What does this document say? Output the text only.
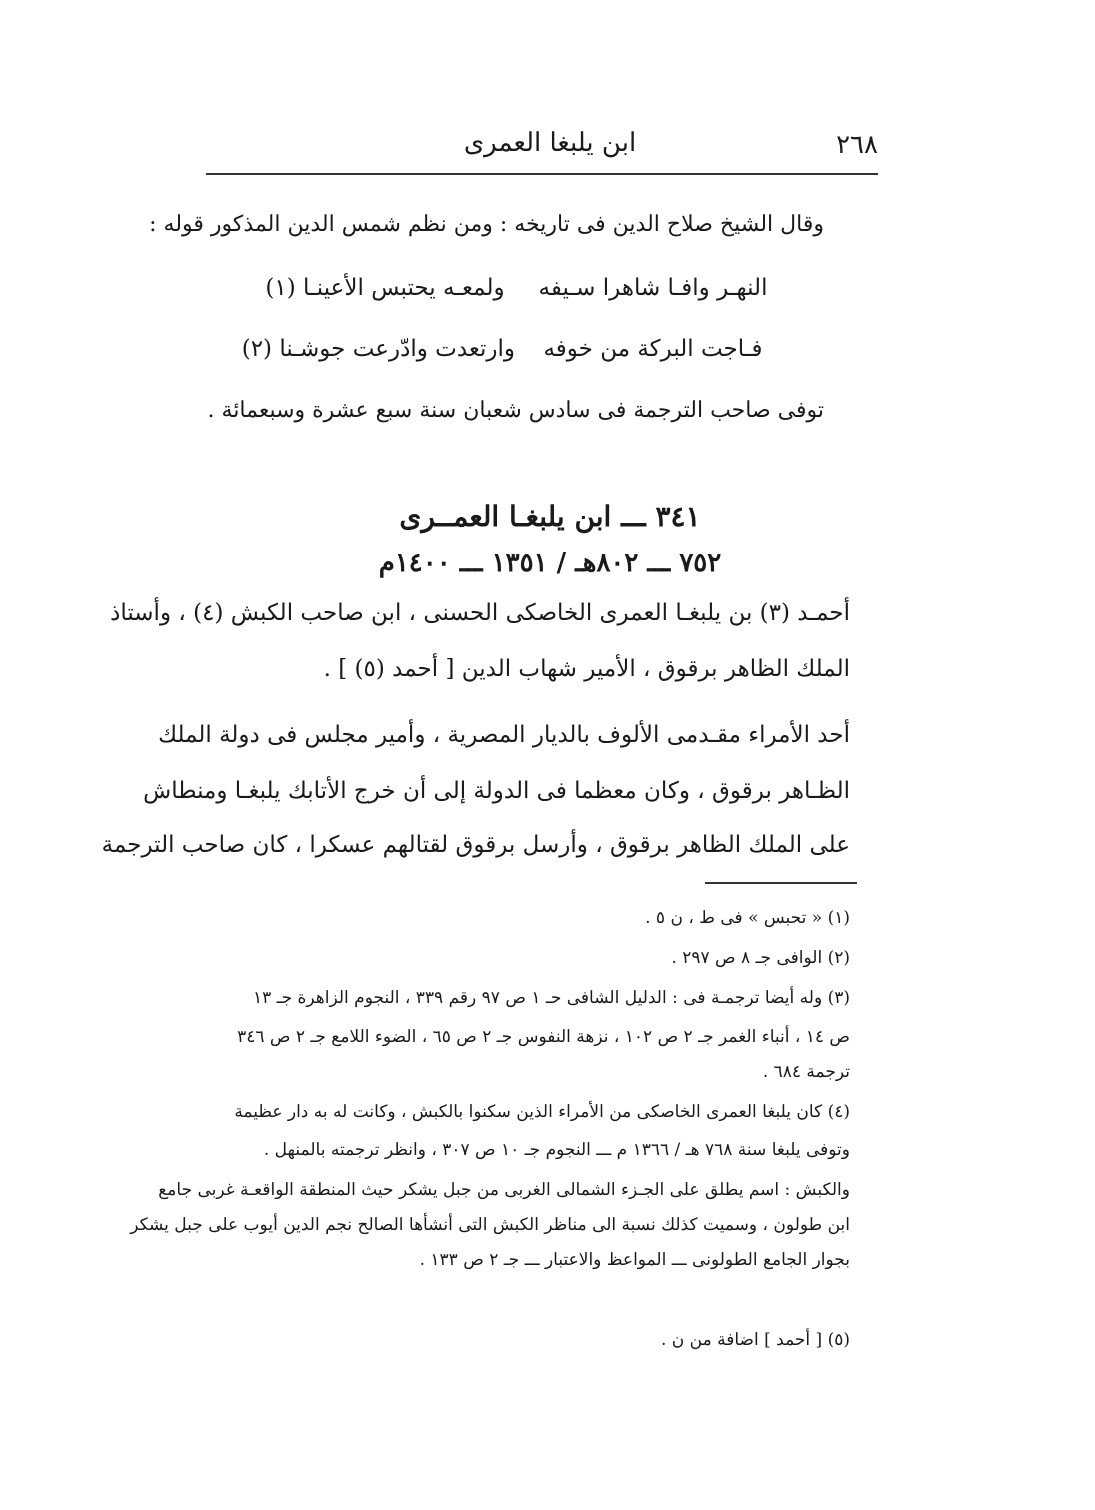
٢٦٨
ابن يلبغا العمرى
وقال الشيخ صلاح الدين فى تاريخه : ومن نظم شمس الدين المذكور قوله :
النهـر وافـا شاهرا سـيفه
ولمعـه يحتبس الأعينـا (١)
فـاجت البركة من خوفه
وارتعدت وادّرعت جوشـنا (٢)
توفى صاحب الترجمة فى سادس شعبان سنة سبع عشرة وسبعمائة .
٣٤١ ـــ ابن يلبغـا العمــرى
٧٥٢ ـــ ٨٠٢هـ / ١٣٥١ ـــ ١٤٠٠م
أحمـد (٣) بن يلبغـا العمرى الخاصكى الحسنى ، ابن صاحب الكبش (٤) ، وأستاذ
الملك الظاهر برقوق ، الأمير شهاب الدين [ أحمد (٥) ] .
أحد الأمراء مقـدمى الألوف بالديار المصرية ، وأمير مجلس فى دولة الملك
الظـاهر برقوق ، وكان معظما فى الدولة إلى أن خرج الأتابك يلبغـا ومنطاش
على الملك الظاهر برقوق ، وأرسل برقوق لقتالهم عسكرا ، كان صاحب الترجمة
(١) « تحبس » فى ط ، ن ٥ .
(٢) الوافى جـ ٨ ص ٢٩٧ .
(٣) وله أيضا ترجمـة فى : الدليل الشافى حـ ١ ص ٩٧ رقم ٣٣٩ ، النجوم الزاهرة جـ ١٣
ص ١٤ ، أنباء الغمر جـ ٢ ص ١٠٢ ، نزهة النفوس جـ ٢ ص ٦٥ ، الضوء اللامع جـ ٢ ص ٣٤٦
ترجمة ٦٨٤ .
(٤) كان يلبغا العمرى الخاصكى من الأمراء الذين سكنوا بالكبش ، وكانت له به دار عظيمة
وتوفى يلبغا سنة ٧٦٨ هـ / ١٣٦٦ م ـــ النجوم جـ ١٠ ص ٣٠٧ ، وانظر ترجمته بالمنهل .
والكبش : اسم يطلق على الجـزء الشمالى الغربى من جبل يشكر حيث المنطقة الواقعـة غربى جامع
ابن طولون ، وسميت كذلك نسبة الى مناظر الكبش التى أنشأها الصالح نجم الدين أيوب على جبل يشكر
بجوار الجامع الطولونى ـــ المواعظ والاعتبار ـــ جـ ٢ ص ١٣٣ .
(٥) [ أحمد ] اضافة من ن .
